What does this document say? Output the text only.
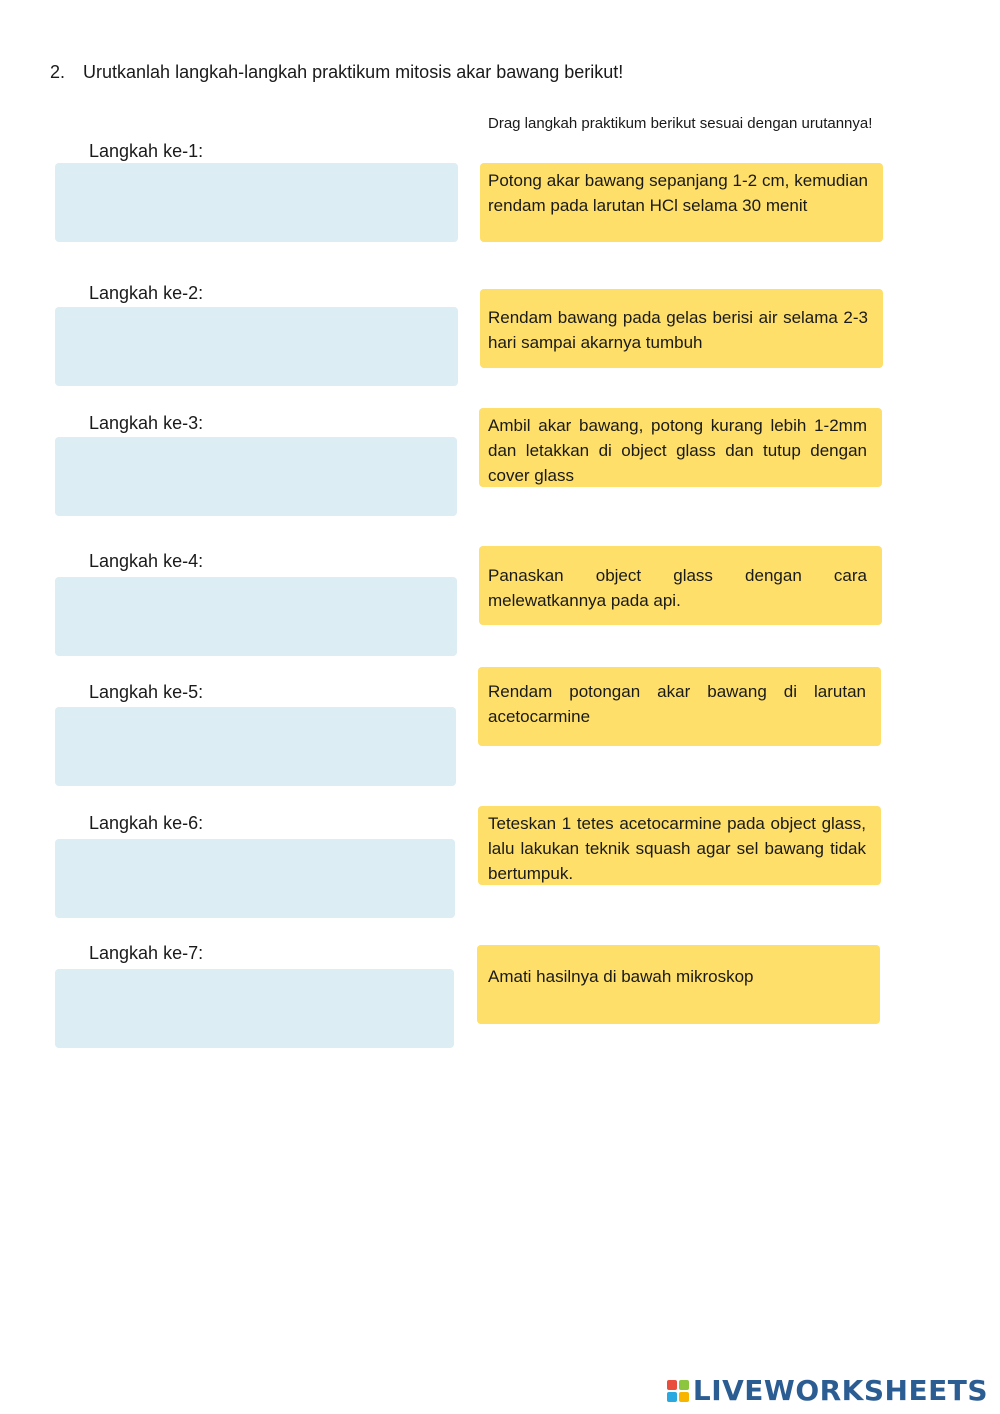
2. Urutkanlah langkah-langkah praktikum mitosis akar bawang berikut!
Drag langkah praktikum berikut sesuai dengan urutannya!
Langkah ke-1:
Langkah ke-2:
Langkah ke-3:
Langkah ke-4:
Langkah ke-5:
Langkah ke-6:
Langkah ke-7:
Potong akar bawang sepanjang 1-2 cm, kemudian rendam pada larutan HCl selama 30 menit
Rendam bawang pada gelas berisi air selama 2-3 hari sampai akarnya tumbuh
Ambil akar bawang, potong kurang lebih 1-2mm dan letakkan di object glass dan tutup dengan cover glass
Panaskan object glass dengan cara melewatkannya pada api.
Rendam potongan akar bawang di larutan acetocarmine
Teteskan 1 tetes acetocarmine pada object glass, lalu lakukan teknik squash agar sel bawang tidak bertumpuk.
Amati hasilnya di bawah mikroskop
LIVEWORKSHEETS
